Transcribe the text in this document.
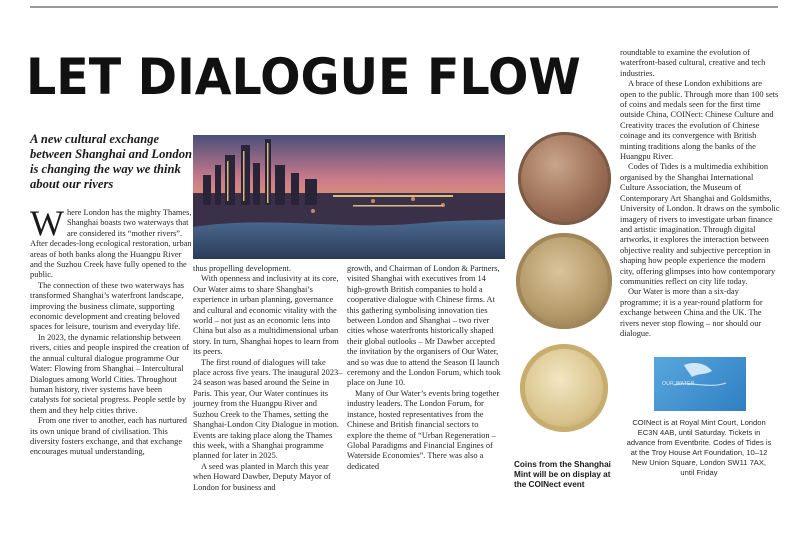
LET DIALOGUE FLOW
A new cultural exchange between Shanghai and London is changing the way we think about our rivers

Where London has the mighty Thames, Shanghai boasts two waterways that are considered its “mother rivers”. After decades-long ecological restoration, urban areas of both banks along the Huangpu River and the Suzhou Creek have fully opened to the public.

The connection of these two waterways has transformed Shanghai’s waterfront landscape, improving the business climate, supporting economic development and creating beloved spaces for leisure, tourism and everyday life.

In 2023, the dynamic relationship between rivers, cities and people inspired the creation of the annual cultural dialogue programme Our Water: Flowing from Shanghai – Intercultural Dialogues among World Cities. Throughout human history, river systems have been catalysts for societal progress. People settle by them and they help cities thrive.

From one river to another, each has nurtured its own unique brand of civilisation. This diversity fosters exchange, and that exchange encourages mutual understanding,

thus propelling development.

With openness and inclusivity at its core, Our Water aims to share Shanghai’s experience in urban planning, governance and cultural and economic vitality with the world – not just as an economic lens into China but also as a multidimensional urban story. In turn, Shanghai hopes to learn from its peers.

The first round of dialogues will take place across five years. The inaugural 2023–24 season was based around the Seine in Paris. This year, Our Water continues its journey from the Huangpu River and Suzhou Creek to the Thames, setting the Shanghai-London City Dialogue in motion. Events are taking place along the Thames this week, with a Shanghai programme planned for later in 2025.

A seed was planted in March this year when Howard Dawber, Deputy Mayor of London for business and

growth, and Chairman of London & Partners, visited Shanghai with executives from 14 high-growth British companies to hold a cooperative dialogue with Chinese firms. At this gathering symbolising innovation ties between London and Shanghai – two river cities whose waterfronts historically shaped their global outlooks – Mr Dawber accepted the invitation by the organisers of Our Water, and so was due to attend the Season II launch ceremony and the London Forum, which took place on June 10.

Many of Our Water’s events bring together industry leaders. The London Forum, for instance, hosted representatives from the Chinese and British financial sectors to explore the theme of “Urban Regeneration – Global Paradigms and Financial Engines of Waterside Economies”. There was also a dedicated	Coins from the Shanghai Mint will be on display at the COINect event

roundtable to examine the evolution of waterfront-based cultural, creative and tech industries.

A brace of these London exhibitions are open to the public. Through more than 100 sets of coins and medals seen for the first time outside China, COINect: Chinese Culture and Creativity traces the evolution of Chinese coinage and its convergence with British minting traditions along the banks of the Huangpu River.

Codes of Tides is a multimedia exhibition organised by the Shanghai International Culture Association, the Museum of Contemporary Art Shanghai and Goldsmiths, University of London. It draws on the symbolic imagery of rivers to investigate urban finance and artistic imagination. Through digital artworks, it explores the interaction between objective reality and subjective perception in shaping how people experience the modern city, offering glimpses into how contemporary communities reflect on city life today.

Our Water is more than a six-day programme; it is a year-round platform for exchange between China and the UK. The rivers never stop flowing – nor should our dialogue.

OUR WATER
COINect is at Royal Mint Court, London EC3N 4AB, until Saturday. Tickets in advance from Eventbrite. Codes of Tides is at the Troy House Art Foundation, 10–12 New Union Square, London SW11 7AX, until Friday
